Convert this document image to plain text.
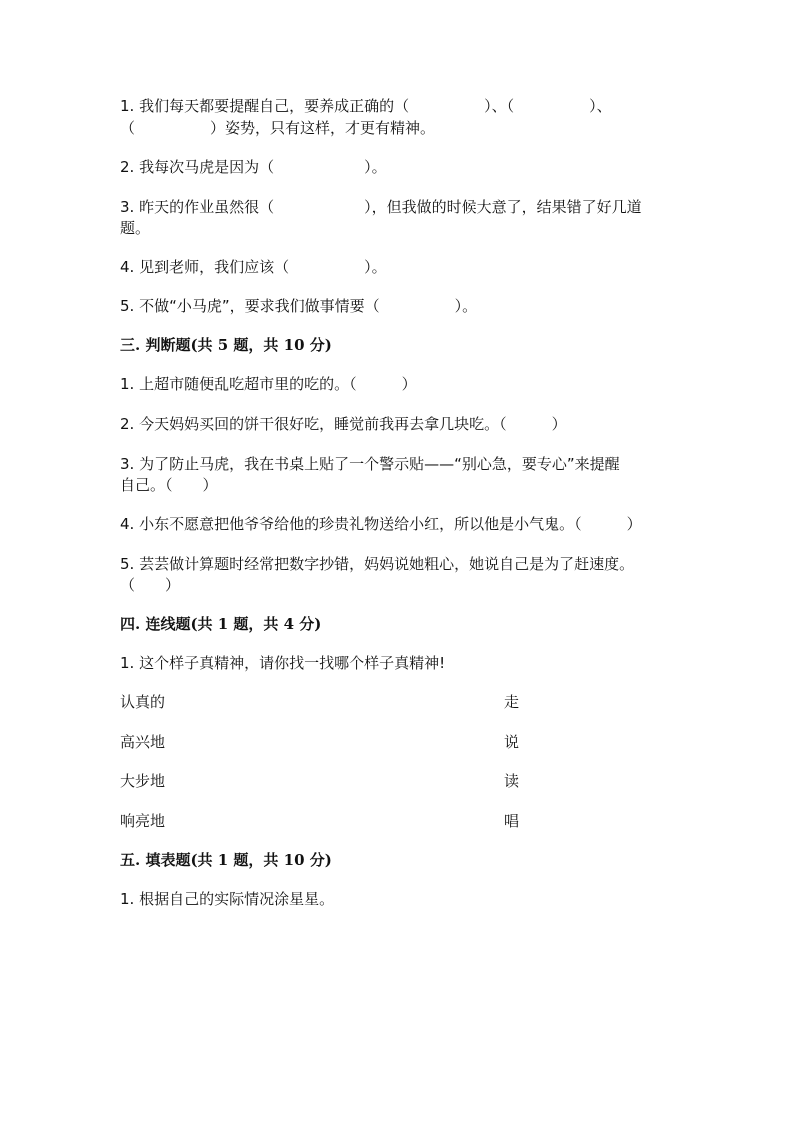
1. 我们每天都要提醒自己，要养成正确的（　　　　　）、（　　　　　）、
（　　　　　）姿势，只有这样，才更有精神。
2. 我每次马虎是因为（　　　　　　）。
3. 昨天的作业虽然很（　　　　　　），但我做的时候大意了，结果错了好几道
题。
4. 见到老师，我们应该（　　　　　）。
5. 不做“小马虎”，要求我们做事情要（　　　　　）。
三. 判断题(共 5 题，共 10 分)
1. 上超市随便乱吃超市里的吃的。（　　　）
2. 今天妈妈买回的饼干很好吃，睡觉前我再去拿几块吃。（　　　）
3. 为了防止马虎，我在书桌上贴了一个警示贴——“别心急，要专心”来提醒
自己。（　　）
4. 小东不愿意把他爷爷给他的珍贵礼物送给小红，所以他是小气鬼。（　　　）
5. 芸芸做计算题时经常把数字抄错，妈妈说她粗心，她说自己是为了赶速度。
（　　）
四. 连线题(共 1 题，共 4 分)
1. 这个样子真精神，请你找一找哪个样子真精神!
认真的	走
高兴地	说
大步地	读
响亮地	唱
五. 填表题(共 1 题，共 10 分)
1. 根据自己的实际情况涂星星。
